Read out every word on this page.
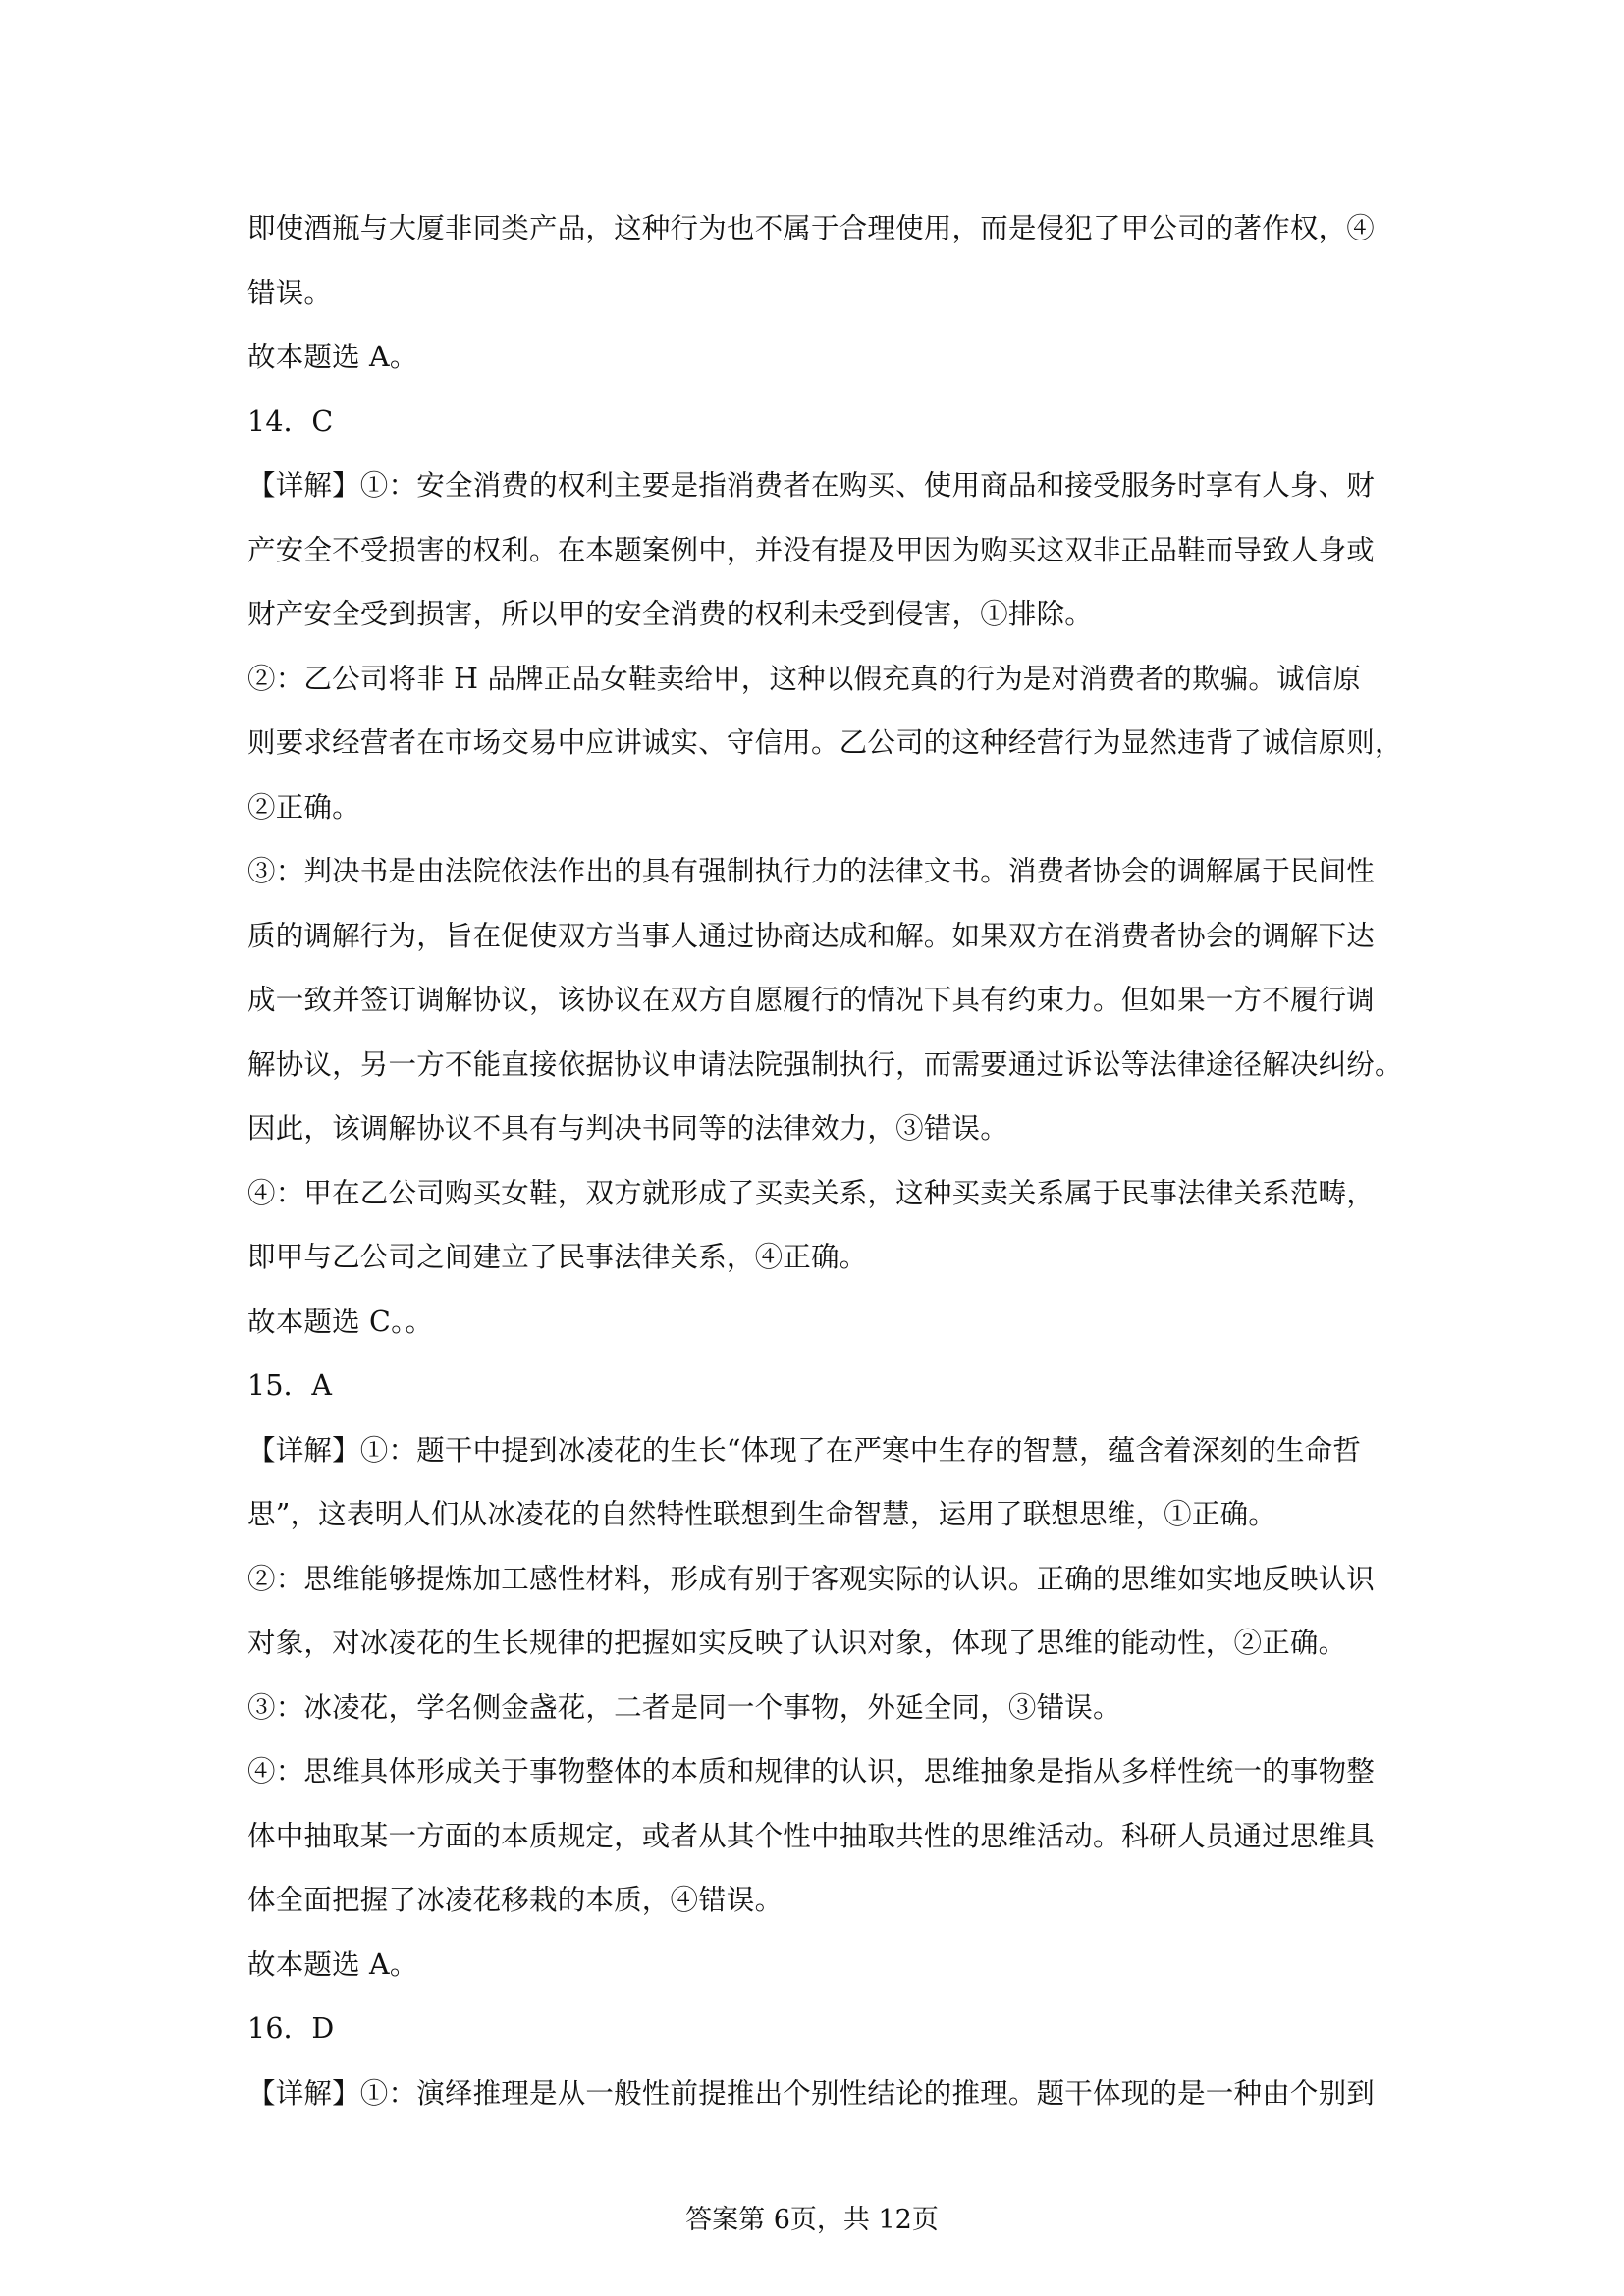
即使酒瓶与大厦非同类产品，这种行为也不属于合理使用，而是侵犯了甲公司的著作权，④
错误。
故本题选 A。
14．C
【详解】①：安全消费的权利主要是指消费者在购买、使用商品和接受服务时享有人身、财
产安全不受损害的权利。在本题案例中，并没有提及甲因为购买这双非正品鞋而导致人身或
财产安全受到损害，所以甲的安全消费的权利未受到侵害，①排除。
②：乙公司将非 H 品牌正品女鞋卖给甲，这种以假充真的行为是对消费者的欺骗。诚信原
则要求经营者在市场交易中应讲诚实、守信用。乙公司的这种经营行为显然违背了诚信原则，
②正确。
③：判决书是由法院依法作出的具有强制执行力的法律文书。消费者协会的调解属于民间性
质的调解行为，旨在促使双方当事人通过协商达成和解。如果双方在消费者协会的调解下达
成一致并签订调解协议，该协议在双方自愿履行的情况下具有约束力。但如果一方不履行调
解协议，另一方不能直接依据协议申请法院强制执行，而需要通过诉讼等法律途径解决纠纷。
因此，该调解协议不具有与判决书同等的法律效力，③错误。
④：甲在乙公司购买女鞋，双方就形成了买卖关系，这种买卖关系属于民事法律关系范畴，
即甲与乙公司之间建立了民事法律关系，④正确。
故本题选 C。。
15．A
【详解】①：题干中提到冰凌花的生长“体现了在严寒中生存的智慧，蕴含着深刻的生命哲
思”，这表明人们从冰凌花的自然特性联想到生命智慧，运用了联想思维，①正确。
②：思维能够提炼加工感性材料，形成有别于客观实际的认识。正确的思维如实地反映认识
对象，对冰凌花的生长规律的把握如实反映了认识对象，体现了思维的能动性，②正确。
③：冰凌花，学名侧金盏花，二者是同一个事物，外延全同，③错误。
④：思维具体形成关于事物整体的本质和规律的认识，思维抽象是指从多样性统一的事物整
体中抽取某一方面的本质规定，或者从其个性中抽取共性的思维活动。科研人员通过思维具
体全面把握了冰凌花移栽的本质，④错误。
故本题选 A。
16．D
【详解】①：演绎推理是从一般性前提推出个别性结论的推理。题干体现的是一种由个别到
答案第 6页，共 12页
